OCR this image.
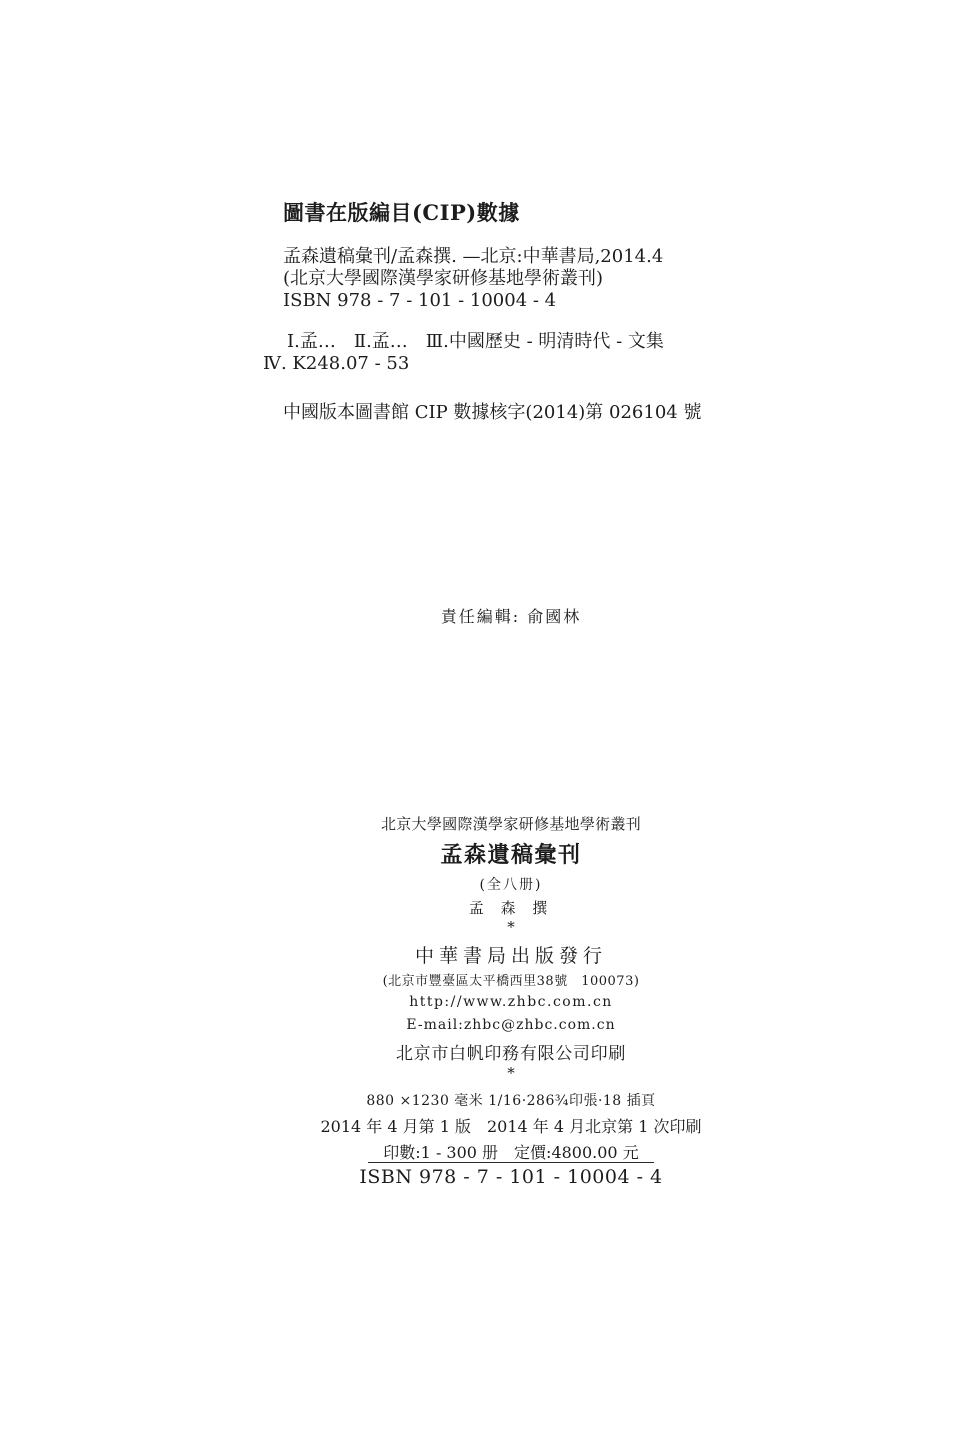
圖書在版編目(CIP)數據
孟森遺稿彙刊/孟森撰. —北京:中華書局,2014.4
(北京大學國際漢學家研修基地學術叢刊)
ISBN 978 - 7 - 101 - 10004 - 4
Ⅰ.孟…　Ⅱ.孟…　Ⅲ.中國歷史 - 明清時代 - 文集
Ⅳ. K248.07 - 53
中國版本圖書館 CIP 數據核字(2014)第 026104 號
責任編輯: 俞國林
北京大學國際漢學家研修基地學術叢刊
孟森遺稿彙刊
(全八册)
孟 森 撰
*
中華書局出版發行
(北京市豐臺區太平橋西里38號　100073)
http://www.zhbc.com.cn
E-mail:zhbc@zhbc.com.cn
北京市白帆印務有限公司印刷
*
880 ×1230 毫米 1/16·286¾印張·18 插頁
2014 年 4 月第 1 版　2014 年 4 月北京第 1 次印刷
印數:1 - 300 册　定價:4800.00 元
ISBN 978 - 7 - 101 - 10004 - 4
